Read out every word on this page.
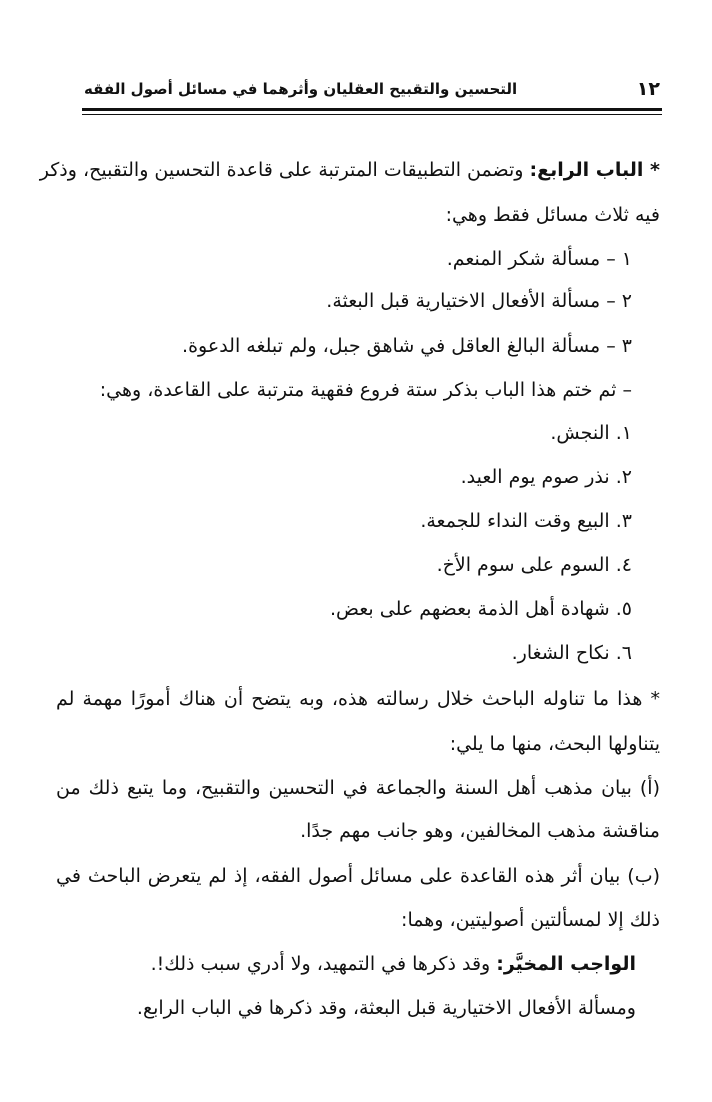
التحسين والتقبيح العقليان وأثرهما في مسائل أصول الفقه	١٢
* الباب الرابع: وتضمن التطبيقات المترتبة على قاعدة التحسين والتقبيح، وذكر
فيه ثلاث مسائل فقط وهي:
١ – مسألة شكر المنعم.
٢ – مسألة الأفعال الاختيارية قبل البعثة.
٣ – مسألة البالغ العاقل في شاهق جبل، ولم تبلغه الدعوة.
– ثم ختم هذا الباب بذكر ستة فروع فقهية مترتبة على القاعدة، وهي:
١. النجش.
٢. نذر صوم يوم العيد.
٣. البيع وقت النداء للجمعة.
٤. السوم على سوم الأخ.
٥. شهادة أهل الذمة بعضهم على بعض.
٦. نكاح الشغار.
* هذا ما تناوله الباحث خلال رسالته هذه، وبه يتضح أن هناك أمورًا مهمة لم
يتناولها البحث، منها ما يلي:
(أ) بيان مذهب أهل السنة والجماعة في التحسين والتقبيح، وما يتبع ذلك من
مناقشة مذهب المخالفين، وهو جانب مهم جدًا.
(ب) بيان أثر هذه القاعدة على مسائل أصول الفقه، إذ لم يتعرض الباحث في
ذلك إلا لمسألتين أصوليتين، وهما:
الواجب المخيَّر: وقد ذكرها في التمهيد، ولا أدري سبب ذلك!.
ومسألة الأفعال الاختيارية قبل البعثة، وقد ذكرها في الباب الرابع.
